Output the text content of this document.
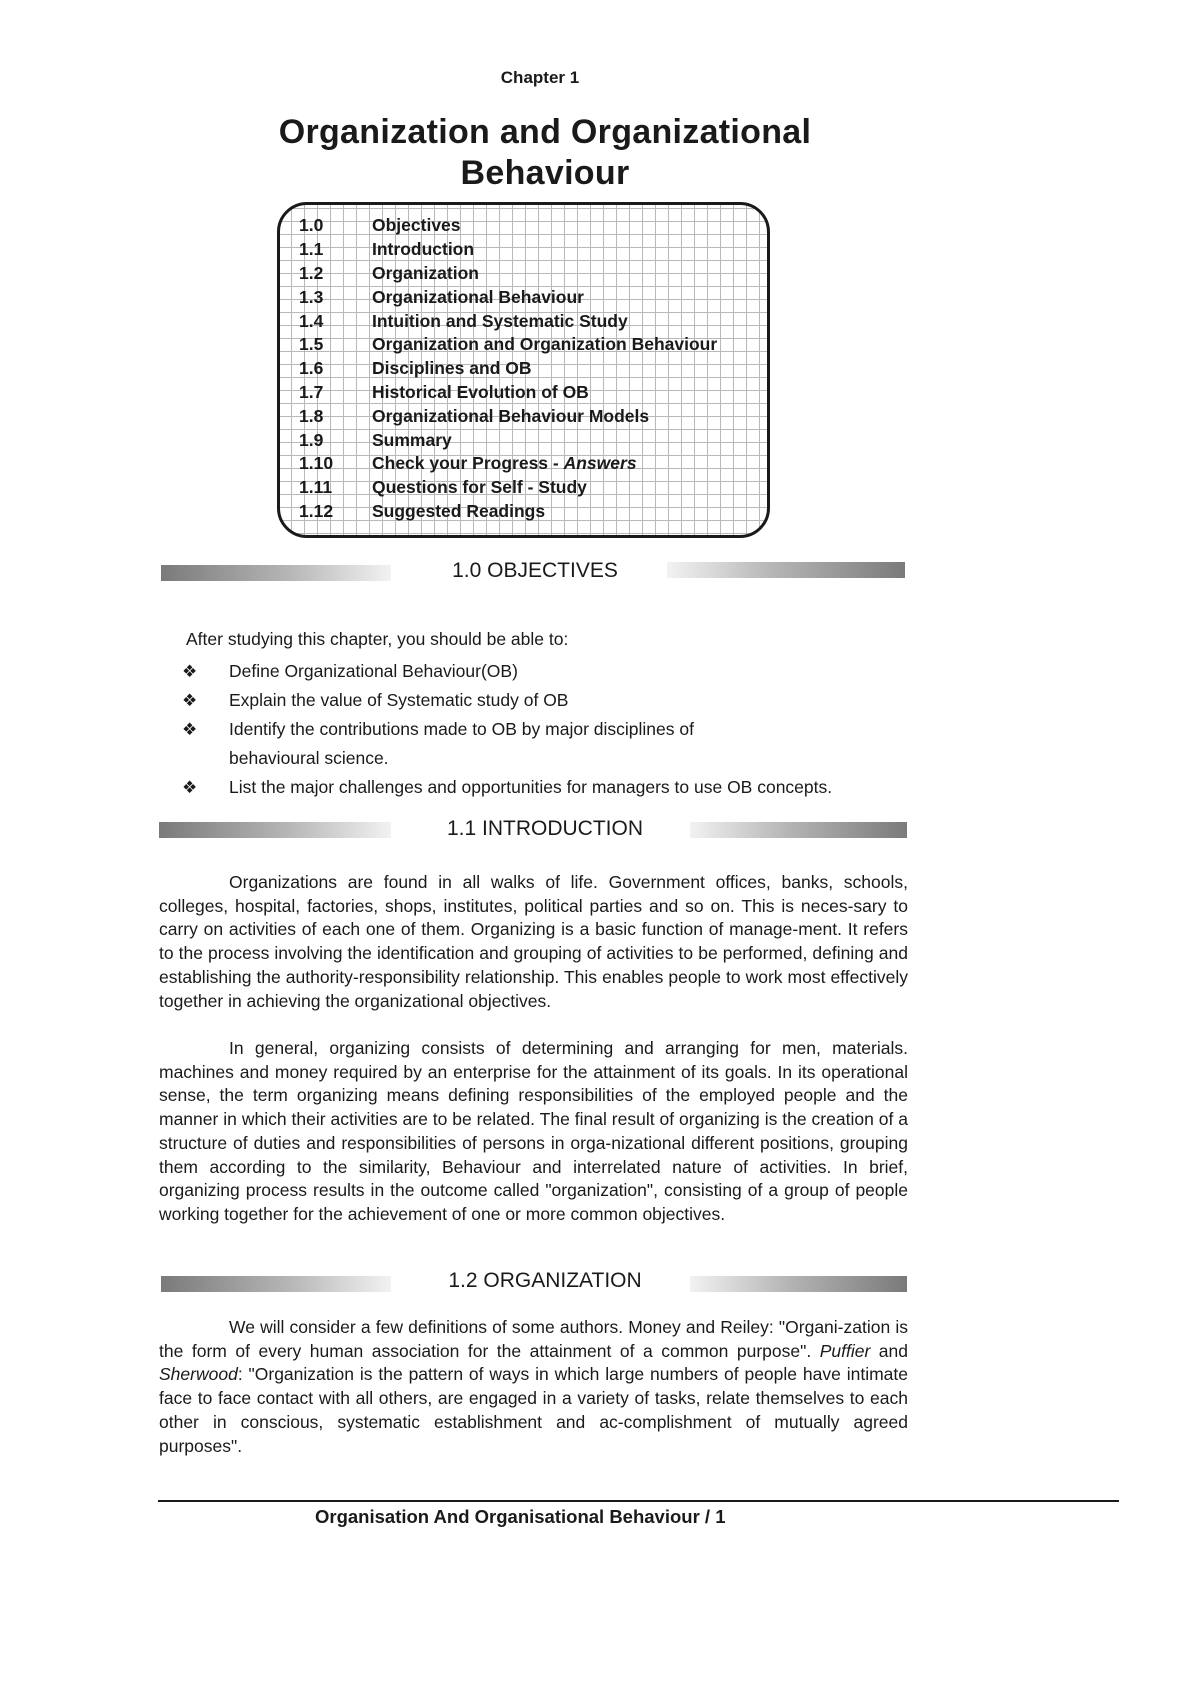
Chapter 1
Organization and Organizational
Behaviour
1.0	Objectives
1.1	Introduction
1.2	Organization
1.3	Organizational Behaviour
1.4	Intuition and Systematic Study
1.5	Organization and Organization Behaviour
1.6	Disciplines and OB
1.7	Historical Evolution of OB
1.8	Organizational Behaviour Models
1.9	Summary
1.10	Check your Progress - Answers
1.11	Questions for Self - Study
1.12	Suggested Readings
1.0 OBJECTIVES
After studying this chapter, you should be able to:
❖	Define Organizational Behaviour(OB)
❖	Explain the value of Systematic study of OB
❖	Identify the contributions made to OB by major disciplines of behavioural science.
❖	List the major challenges and opportunities for managers to use OB concepts.
1.1 INTRODUCTION

Organizations are found in all walks of life. Government offices, banks, schools, colleges, hospital, factories, shops, institutes, political parties and so on. This is neces-sary to carry on activities of each one of them. Organizing is a basic function of manage-ment. It refers to the process involving the identification and grouping of activities to be performed, defining and establishing the authority-responsibility relationship. This enables people to work most effectively together in achieving the organizational objectives.

In general, organizing consists of determining and arranging for men, materials. machines and money required by an enterprise for the attainment of its goals. In its operational sense, the term organizing means defining responsibilities of the employed people and the manner in which their activities are to be related. The final result of organizing is the creation of a structure of duties and responsibilities of persons in orga-nizational different positions, grouping them according to the similarity, Behaviour and interrelated nature of activities. In brief, organizing process results in the outcome called "organization", consisting of a group of people working together for the achievement of one or more common objectives.

1.2 ORGANIZATION

We will consider a few definitions of some authors. Money and Reiley: "Organi-zation is the form of every human association for the attainment of a common purpose". Puffier and Sherwood: "Organization is the pattern of ways in which large numbers of people have intimate face to face contact with all others, are engaged in a variety of tasks, relate themselves to each other in conscious, systematic establishment and ac-complishment of mutually agreed purposes".

Organisation And Organisational Behaviour / 1
